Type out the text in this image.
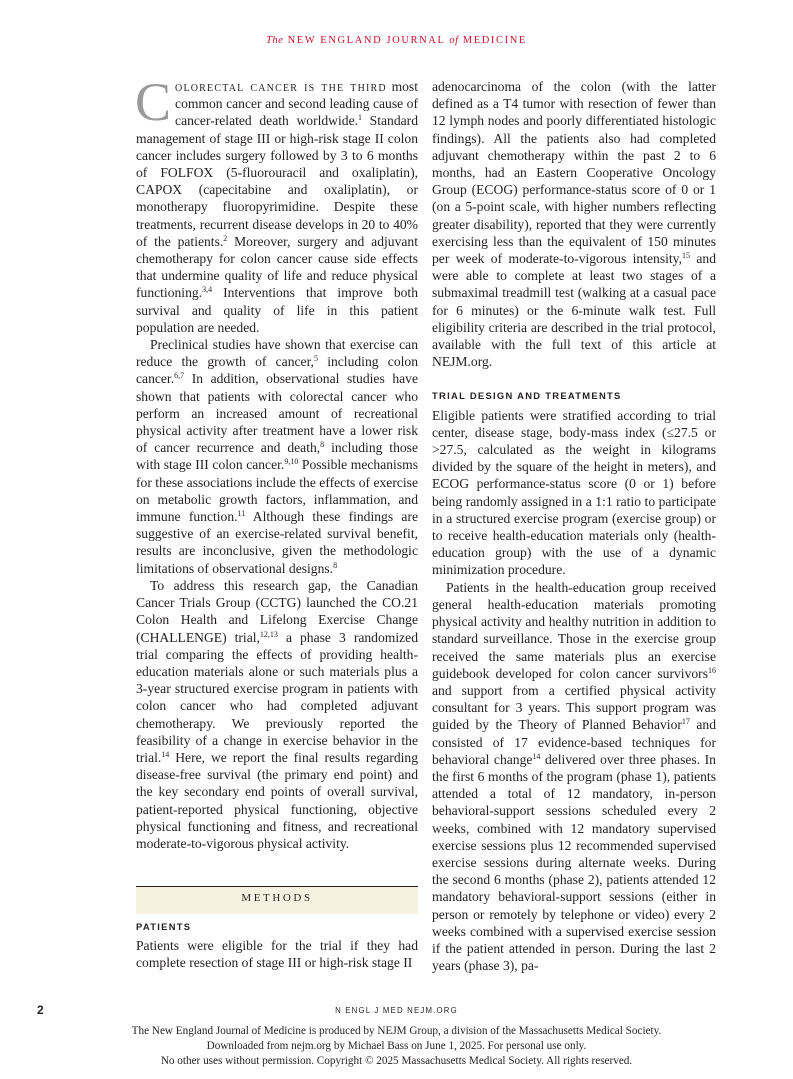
The NEW ENGLAND JOURNAL of MEDICINE

Colorectal cancer is the third most common cancer and second leading cause of cancer-related death worldwide.$^1$ Standard management of stage III or high-risk stage II colon cancer includes surgery followed by 3 to 6 months of FOLFOX (5-fluorouracil and oxaliplatin), CAPOX (capecitabine and oxaliplatin), or monotherapy fluoropyrimidine. Despite these treatments, recurrent disease develops in 20 to 40% of the patients.$^2$ Moreover, surgery and adjuvant chemotherapy for colon cancer cause side effects that undermine quality of life and reduce physical functioning.$^{3,4}$ Interventions that improve both survival and quality of life in this patient population are needed.

Preclinical studies have shown that exercise can reduce the growth of cancer,$^5$ including colon cancer.$^{6,7}$ In addition, observational studies have shown that patients with colorectal cancer who perform an increased amount of recreational physical activity after treatment have a lower risk of cancer recurrence and death,$^8$ including those with stage III colon cancer.$^{9,10}$ Possible mechanisms for these associations include the effects of exercise on metabolic growth factors, inflammation, and immune function.$^{11}$ Although these findings are suggestive of an exercise-related survival benefit, results are inconclusive, given the methodologic limitations of observational designs.$^8$

To address this research gap, the Canadian Cancer Trials Group (CCTG) launched the CO.21 Colon Health and Lifelong Exercise Change (CHALLENGE) trial,$^{12,13}$ a phase 3 randomized trial comparing the effects of providing health-education materials alone or such materials plus a 3-year structured exercise program in patients with colon cancer who had completed adjuvant chemotherapy. We previously reported the feasibility of a change in exercise behavior in the trial.$^{14}$ Here, we report the final results regarding disease-free survival (the primary end point) and the key secondary end points of overall survival, patient-reported physical functioning, objective physical functioning and fitness, and recreational moderate-to-vigorous physical activity.

METHODS
PATIENTS

Patients were eligible for the trial if they had complete resection of stage III or high-risk stage II

adenocarcinoma of the colon (with the latter defined as a T4 tumor with resection of fewer than 12 lymph nodes and poorly differentiated histologic findings). All the patients also had completed adjuvant chemotherapy within the past 2 to 6 months, had an Eastern Cooperative Oncology Group (ECOG) performance-status score of 0 or 1 (on a 5-point scale, with higher numbers reflecting greater disability), reported that they were currently exercising less than the equivalent of 150 minutes per week of moderate-to-vigorous intensity,$^{15}$ and were able to complete at least two stages of a submaximal treadmill test (walking at a casual pace for 6 minutes) or the 6-minute walk test. Full eligibility criteria are described in the trial protocol, available with the full text of this article at NEJM.org.

TRIAL DESIGN AND TREATMENTS

Eligible patients were stratified according to trial center, disease stage, body-mass index (≤27.5 or >27.5, calculated as the weight in kilograms divided by the square of the height in meters), and ECOG performance-status score (0 or 1) before being randomly assigned in a 1:1 ratio to participate in a structured exercise program (exercise group) or to receive health-education materials only (health-education group) with the use of a dynamic minimization procedure.

Patients in the health-education group received general health-education materials promoting physical activity and healthy nutrition in addition to standard surveillance. Those in the exercise group received the same materials plus an exercise guidebook developed for colon cancer survivors$^{16}$ and support from a certified physical activity consultant for 3 years. This support program was guided by the Theory of Planned Behavior$^{17}$ and consisted of 17 evidence-based techniques for behavioral change$^{14}$ delivered over three phases. In the first 6 months of the program (phase 1), patients attended a total of 12 mandatory, in-person behavioral-support sessions scheduled every 2 weeks, combined with 12 mandatory supervised exercise sessions plus 12 recommended supervised exercise sessions during alternate weeks. During the second 6 months (phase 2), patients attended 12 mandatory behavioral-support sessions (either in person or remotely by telephone or video) every 2 weeks combined with a supervised exercise session if the patient attended in person. During the last 2 years (phase 3), pa-

2	N ENGL J MED NEJM.ORG
The New England Journal of Medicine is produced by NEJM Group, a division of the Massachusetts Medical Society.
Downloaded from nejm.org by Michael Bass on June 1, 2025. For personal use only.
No other uses without permission. Copyright © 2025 Massachusetts Medical Society. All rights reserved.
